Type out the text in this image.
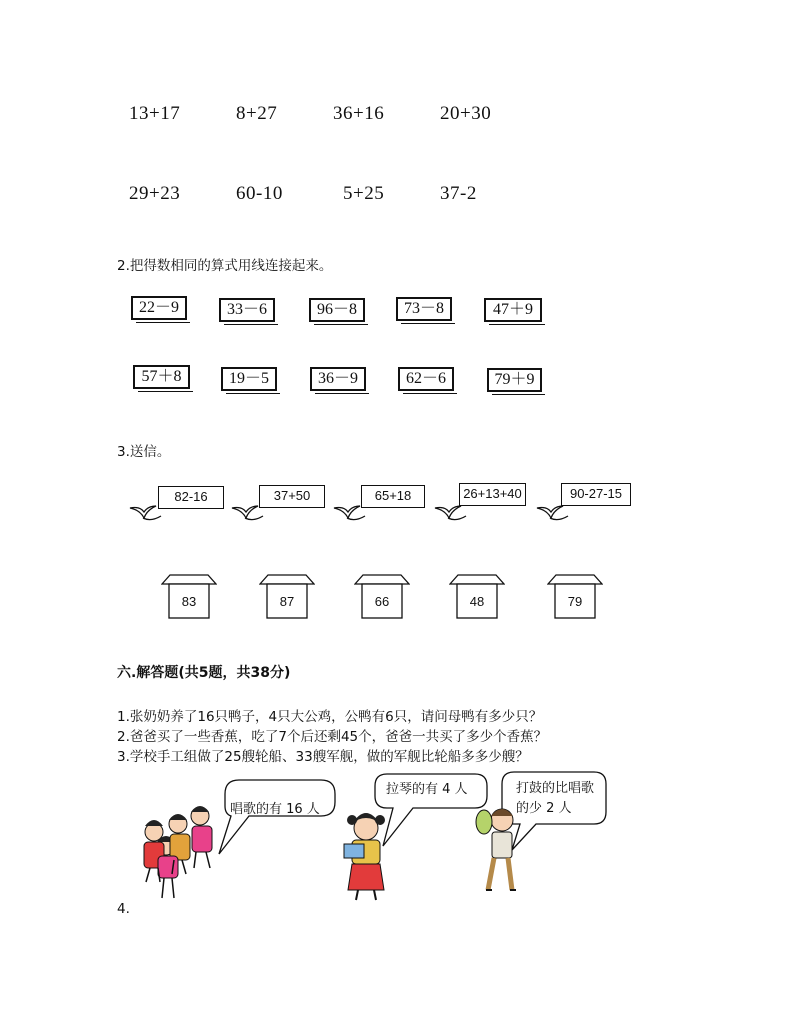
13+17	8+27	36+16	20+30
29+23	60-10	5+25	37-2
2.把得数相同的算式用线连接起来。
22－9	33－6	96－8	73－8	47＋9
57＋8	19－5	36－9	62－6	79＋9
3.送信。
82-16	37+50	65+18	26+13+40	90-27-15
83	87	66	48	79
六.解答题(共5题，共38分)
1.张奶奶养了16只鸭子，4只大公鸡，公鸭有6只，请问母鸭有多少只？
2.爸爸买了一些香蕉，吃了7个后还剩45个，爸爸一共买了多少个香蕉？
3.学校手工组做了25艘轮船、33艘军舰，做的军舰比轮船多多少艘？
唱歌的有 16 人
拉琴的有 4 人	打鼓的比唱歌
的少 2 人
4.
